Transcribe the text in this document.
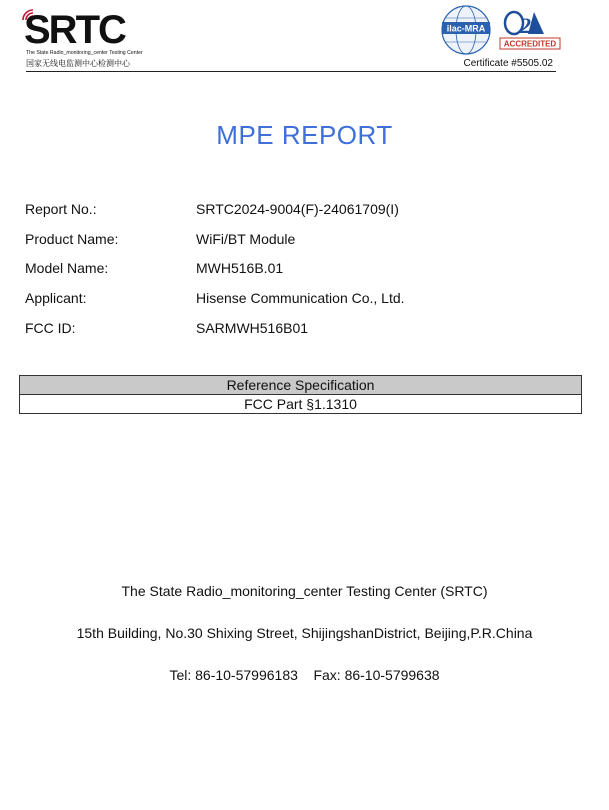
SRTC
The State Radio_monitoring_center Testing Center
国家无线电监测中心检测中心
ilac-MRA 2
ACCREDITED
Certificate #5505.02
MPE REPORT
Report No.:	SRTC2024-9004(F)-24061709(I)
Product Name:	WiFi/BT Module
Model Name:	MWH516B.01
Applicant:	Hisense Communication Co., Ltd.
FCC ID:	SARMWH516B01
Reference Specification
FCC Part §1.1310
The State Radio_monitoring_center Testing Center (SRTC)
15th Building, No.30 Shixing Street, ShijingshanDistrict, Beijing,P.R.China
Tel: 86-10-57996183    Fax: 86-10-5799638
